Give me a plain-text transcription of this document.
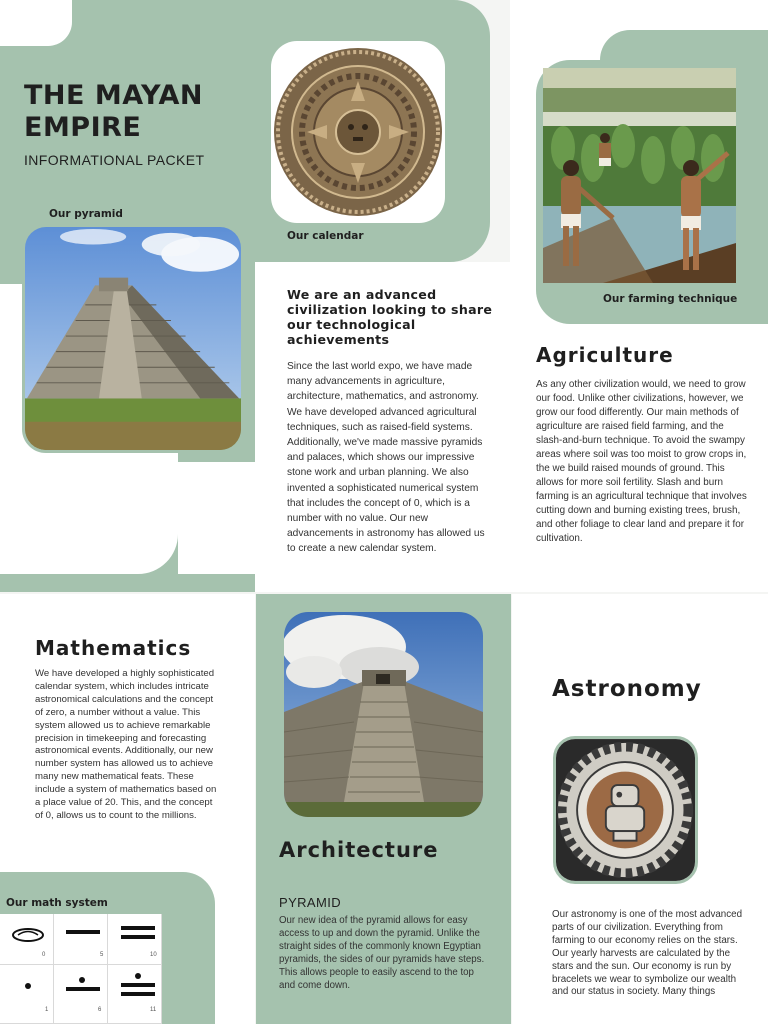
THE MAYAN EMPIRE
INFORMATIONAL PACKET
Our pyramid
Our calendar
Our farming technique
We are an advanced civilization looking to share our technological achievements
Since the last world expo, we have made many advancements in agriculture, architecture, mathematics, and astronomy. We have developed advanced agricultural techniques, such as raised-field systems. Additionally, we've made massive pyramids and palaces, which shows our impressive stone work and urban planning. We also invented a sophisticated numerical system that includes the concept of 0, which is a number with no value. Our new advancements in astronomy has allowed us to create a new calendar system.
Agriculture
As any other civilization would, we need to grow our food. Unlike other civilizations, however, we grow our food differently. Our main methods of agriculture are raised field farming, and the slash-and-burn technique. To avoid the swampy areas where soil was too moist to grow crops in, the we build raised mounds of ground. This allows for more soil fertility. Slash and burn farming is an agricultural technique that involves cutting down and burning existing trees, brush, and other foliage to clear land and prepare it for cultivation.
Mathematics
We have developed a highly sophisticated calendar system, which includes intricate astronomical calculations and the concept of zero, a number without a value. This system allowed us to achieve remarkable precision in timekeeping and forecasting astronomical events. Additionally, our new number system has allowed us to achieve many new mathematical feats. These include a system of mathematics based on a place value of 20. This, and the concept of 0, allows us to count to the millions.
Our math system
0	5	10
1	6	11
Architecture
PYRAMID
Our new idea of the pyramid allows for easy access to up and down the pyramid. Unlike the straight sides of the commonly known Egyptian pyramids, the sides of our pyramids have steps. This allows people to easily ascend to the top and come down.
Astronomy
Our astronomy is one of the most advanced parts of our civilization. Everything from farming to our economy relies on the stars. Our yearly harvests are calculated by the stars and the sun. Our economy is run by bracelets we wear to symbolize our wealth and our status in society. Many things
